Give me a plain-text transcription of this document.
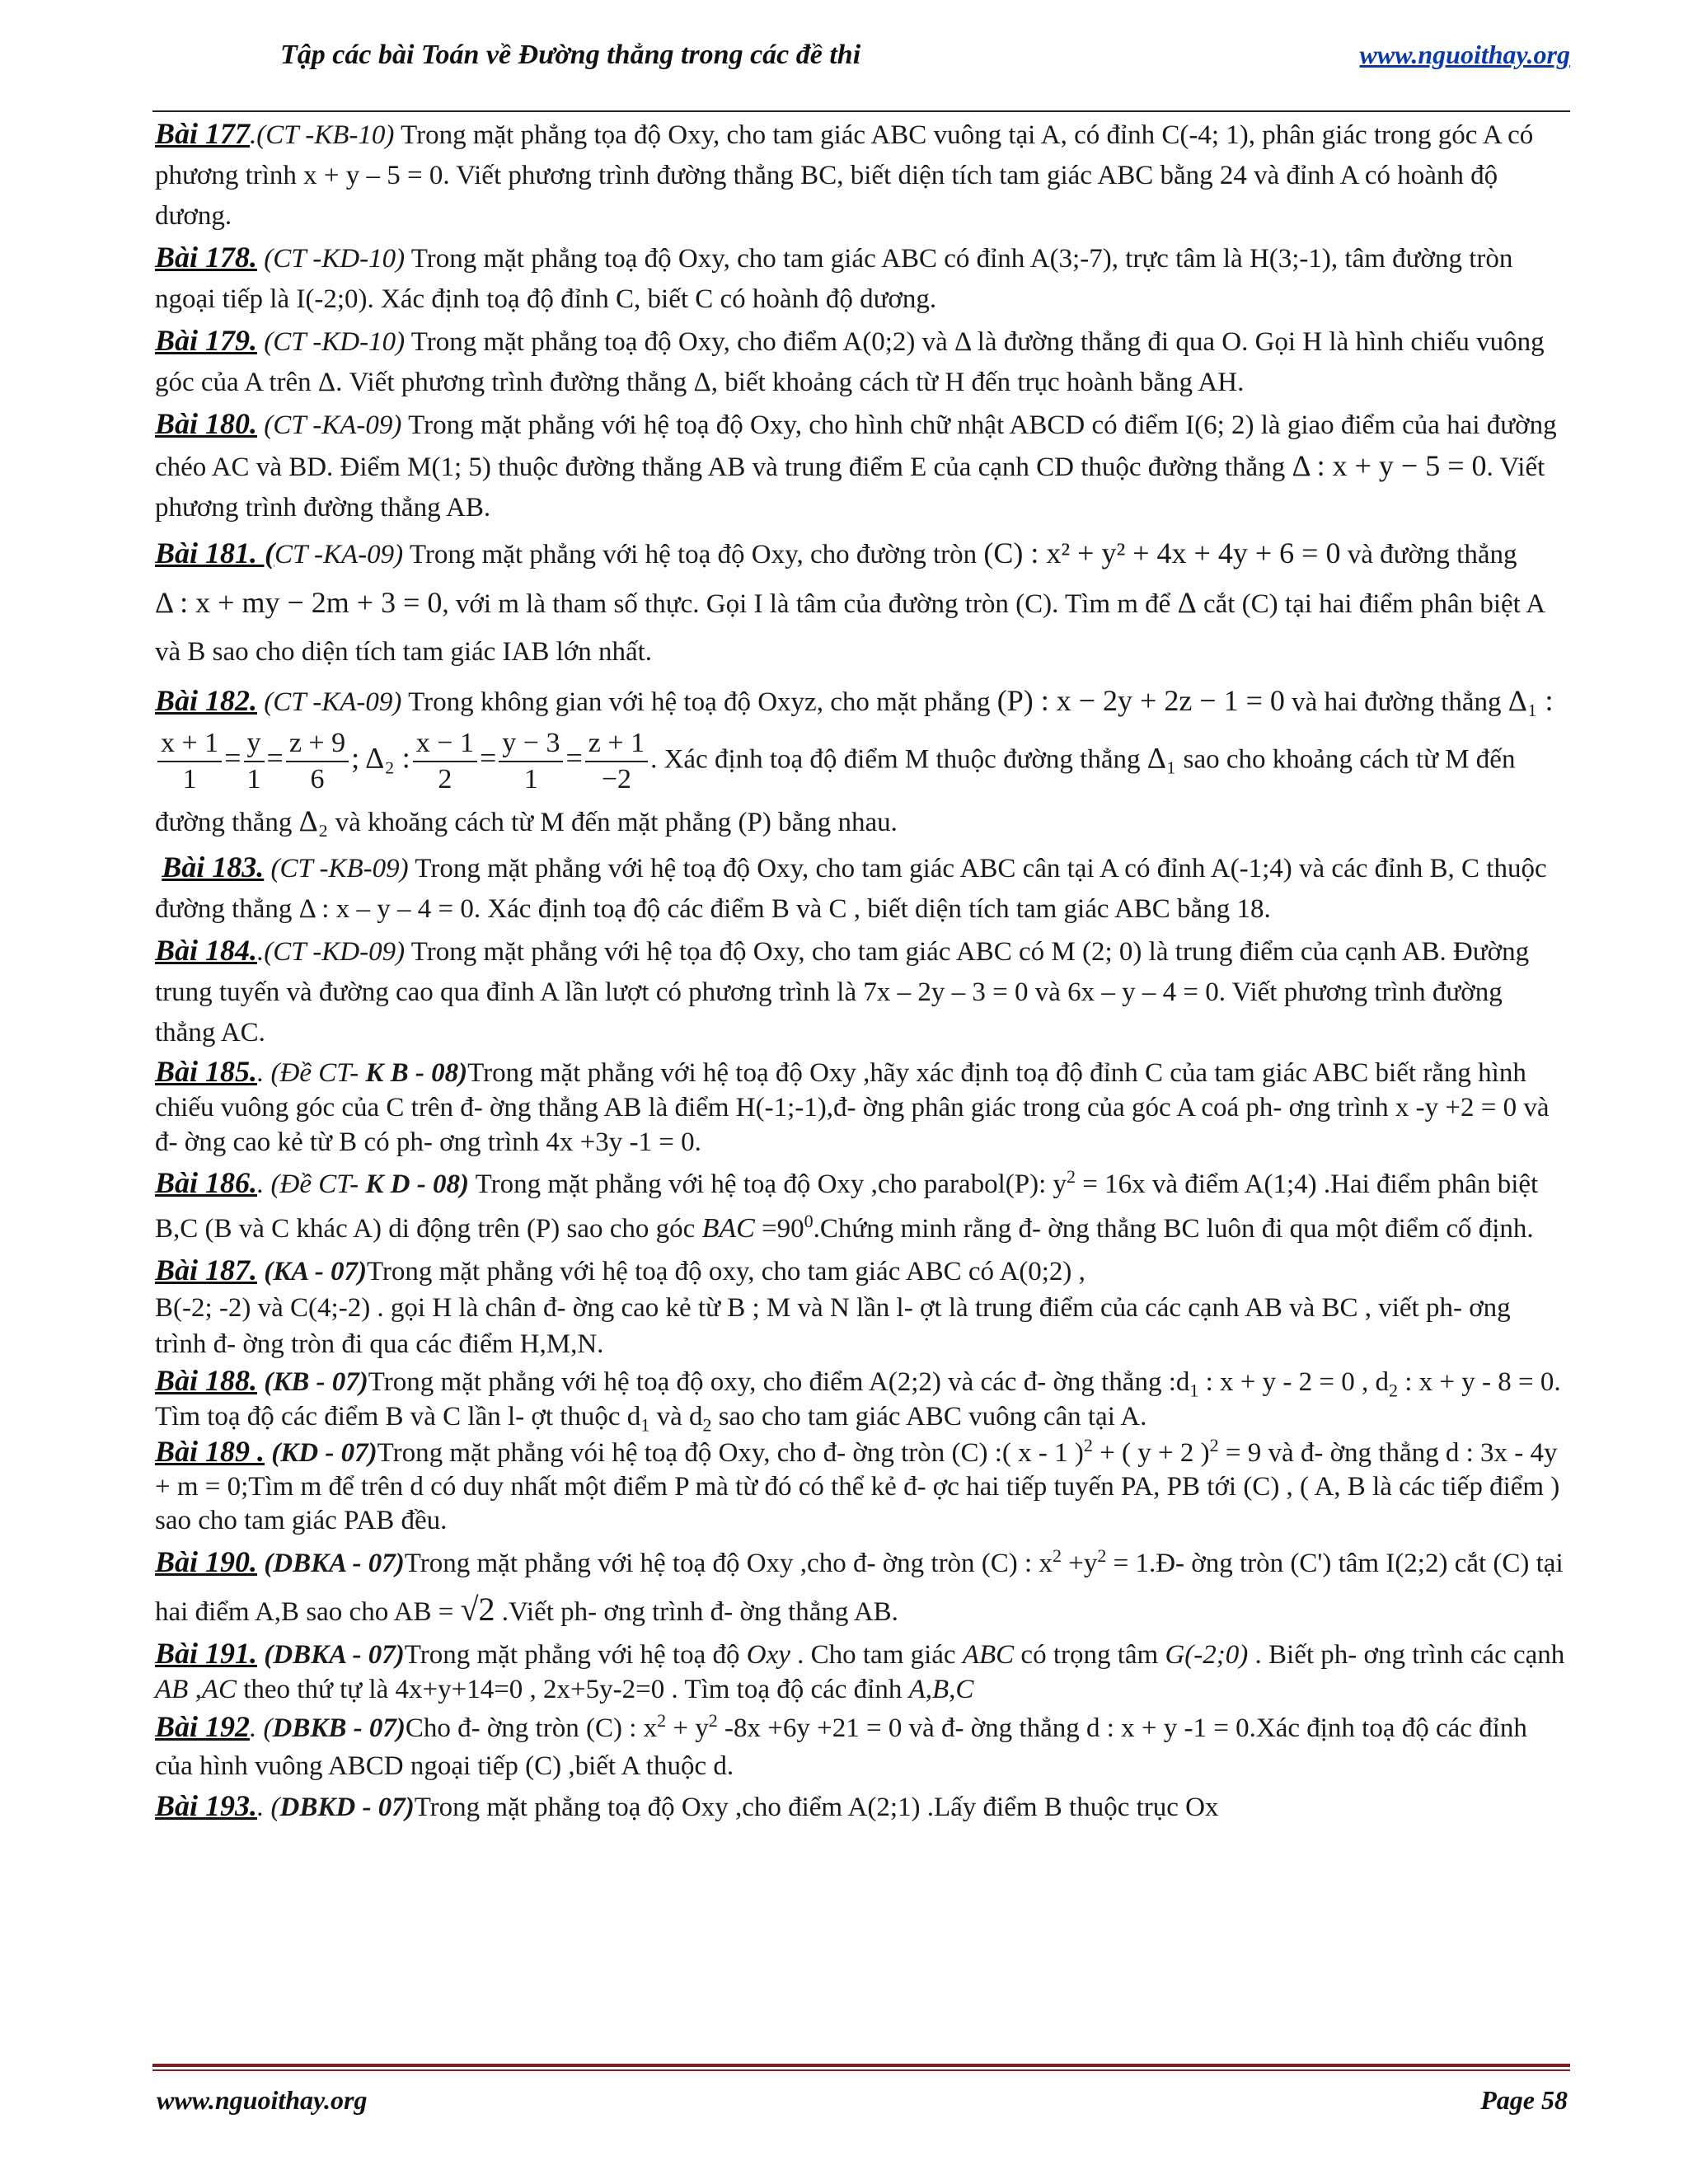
Tập các bài Toán về Đường thẳng trong các đề thi	www.nguoithay.org

Bài 177.(CT -KB-10) Trong mặt phẳng tọa độ Oxy, cho tam giác ABC vuông tại A, có đỉnh C(-4; 1), phân giác trong góc A có phương trình x + y – 5 = 0. Viết phương trình đường thẳng BC, biết diện tích tam giác ABC bằng 24 và đỉnh A có hoành độ dương.

Bài 178. (CT -KD-10) Trong mặt phẳng toạ độ Oxy, cho tam giác ABC có đỉnh A(3;-7), trực tâm là H(3;-1), tâm đường tròn ngoại tiếp là I(-2;0). Xác định toạ độ đỉnh C, biết C có hoành độ dương.

Bài 179. (CT -KD-10) Trong mặt phẳng toạ độ Oxy, cho điểm A(0;2) và Δ là đường thẳng đi qua O. Gọi H là hình chiếu vuông góc của A trên Δ. Viết phương trình đường thẳng Δ, biết khoảng cách từ H đến trục hoành bằng AH.

Bài 180. (CT -KA-09) Trong mặt phẳng với hệ toạ độ Oxy, cho hình chữ nhật ABCD có điểm I(6; 2) là giao điểm của hai đường chéo AC và BD. Điểm M(1; 5) thuộc đường thẳng AB và trung điểm E của cạnh CD thuộc đường thẳng Δ : x + y − 5 = 0. Viết phương trình đường thẳng AB.

Bài 181. (CT -KA-09) Trong mặt phẳng với hệ toạ độ Oxy, cho đường tròn (C) : x² + y² + 4x + 4y + 6 = 0 và đường thẳng Δ : x + my − 2m + 3 = 0, với m là tham số thực. Gọi I là tâm của đường tròn (C). Tìm m để Δ cắt (C) tại hai điểm phân biệt A và B sao cho diện tích tam giác IAB lớn nhất.

Bài 182. (CT -KA-09) Trong không gian với hệ toạ độ Oxyz, cho mặt phẳng (P) : x − 2y + 2z − 1 = 0 và hai đường thẳng Δ₁ :
$\frac{x + 1}{1} = \frac{y}{1} = \frac{z + 9}{6}$ ; Δ₂ : $\frac{x - 1}{2} = \frac{y - 3}{1} = \frac{z + 1}{-2}$ . Xác định toạ độ điểm M thuộc đường thẳng Δ₁ sao cho khoảng cách từ M đến đường thẳng Δ₂ và khoăng cách từ M đến mặt phẳng (P) bằng nhau.

Bài 183. (CT -KB-09) Trong mặt phẳng với hệ toạ độ Oxy, cho tam giác ABC cân tại A có đỉnh A(-1;4) và các đỉnh B, C thuộc đường thẳng Δ : x – y – 4 = 0. Xác định toạ độ các điểm B và C , biết diện tích tam giác ABC bằng 18.

Bài 184..(CT -KD-09) Trong mặt phẳng với hệ tọa độ Oxy, cho tam giác ABC có M (2; 0) là trung điểm của cạnh AB. Đường trung tuyến và đường cao qua đỉnh A lần lượt có phương trình là 7x – 2y – 3 = 0 và 6x – y – 4 = 0. Viết phương trình đường thẳng AC.

Bài 185.. (Đề CT- K B - 08)Trong mặt phẳng với hệ toạ độ Oxy ,hãy xác định toạ độ đỉnh C của tam giác ABC biết rằng hình chiếu vuông góc của C trên đ- ờng thẳng AB là điểm H(-1;-1),đ- ờng phân giác trong của góc A coá ph- ơng trình x -y +2 = 0 và đ- ờng cao kẻ từ B có ph- ơng trình 4x +3y -1 = 0.

Bài 186.. (Đề CT- K D - 08) Trong mặt phẳng với hệ toạ độ Oxy ,cho parabol(P): $y^2 = 16x$ và điểm A(1;4) .Hai điểm phân biệt B,C (B và C khác A) di động trên (P) sao cho góc BAC $=90^0.Chứng$ minh rằng đ- ờng thẳng BC luôn đi qua một điểm cố định.

Bài 187. (KA - 07)Trong mặt phẳng với hệ toạ độ oxy, cho tam giác ABC có A(0;2) ,
B(-2; -2) và C(4;-2) . gọi H là chân đ- ờng cao kẻ từ B ; M và N lần l- ợt là trung điểm của các cạnh AB và BC , viết ph- ơng trình đ- ờng tròn đi qua các điểm H,M,N.

Bài 188. (KB - 07)Trong mặt phẳng với hệ toạ độ oxy, cho điểm A(2;2) và các đ- ờng thẳng $:d_1$ : x + y - 2 = 0 , $d_2$ : x + y - 8 = 0.
Tìm toạ độ các điểm B và C lần l- ợt thuộc $d_1$ và $d_2$ sao cho tam giác ABC vuông cân tại A.

Bài 189 . (KD - 07)Trong mặt phẳng vói hệ toạ độ Oxy, cho đ- ờng tròn (C) :( x - 1 )$^2$ + ( y + 2 )$^2$ = 9 và đ- ờng thẳng d : 3x - 4y + m = 0;Tìm m để trên d có duy nhất một điểm P mà từ đó có thể kẻ đ- ợc hai tiếp tuyến PA, PB tới (C) , ( A, B là các tiếp điểm ) sao cho tam giác PAB đều.

Bài 190. (DBKA - 07)Trong mặt phẳng với hệ toạ độ Oxy ,cho đ- ờng tròn (C) : $x^2 +y^2$ = 1.Đ- ờng tròn (C') tâm I(2;2) cắt (C) tại hai điểm A,B sao cho AB = √2 .Viết ph- ơng trình đ- ờng thẳng AB.

Bài 191. (DBKA - 07)Trong mặt phẳng với hệ toạ độ Oxy . Cho tam giác ABC có trọng tâm G(-2;0) . Biết ph- ơng trình các cạnh AB ,AC theo thứ tự là 4x+y+14=0 , 2x+5y-2=0 . Tìm toạ độ các đỉnh A,B,C

Bài 192. (DBKB - 07)Cho đ- ờng tròn (C) : $x^2 + y^2$ -8x +6y +21 = 0 và đ- ờng thẳng d : x + y -1 = 0.Xác định toạ độ các đỉnh của hình vuông ABCD ngoại tiếp (C) ,biết A thuộc d.

Bài 193.. (DBKD - 07)Trong mặt phẳng toạ độ Oxy ,cho điểm A(2;1) .Lấy điểm B thuộc trục Ox

www.nguoithay.org	Page 58
